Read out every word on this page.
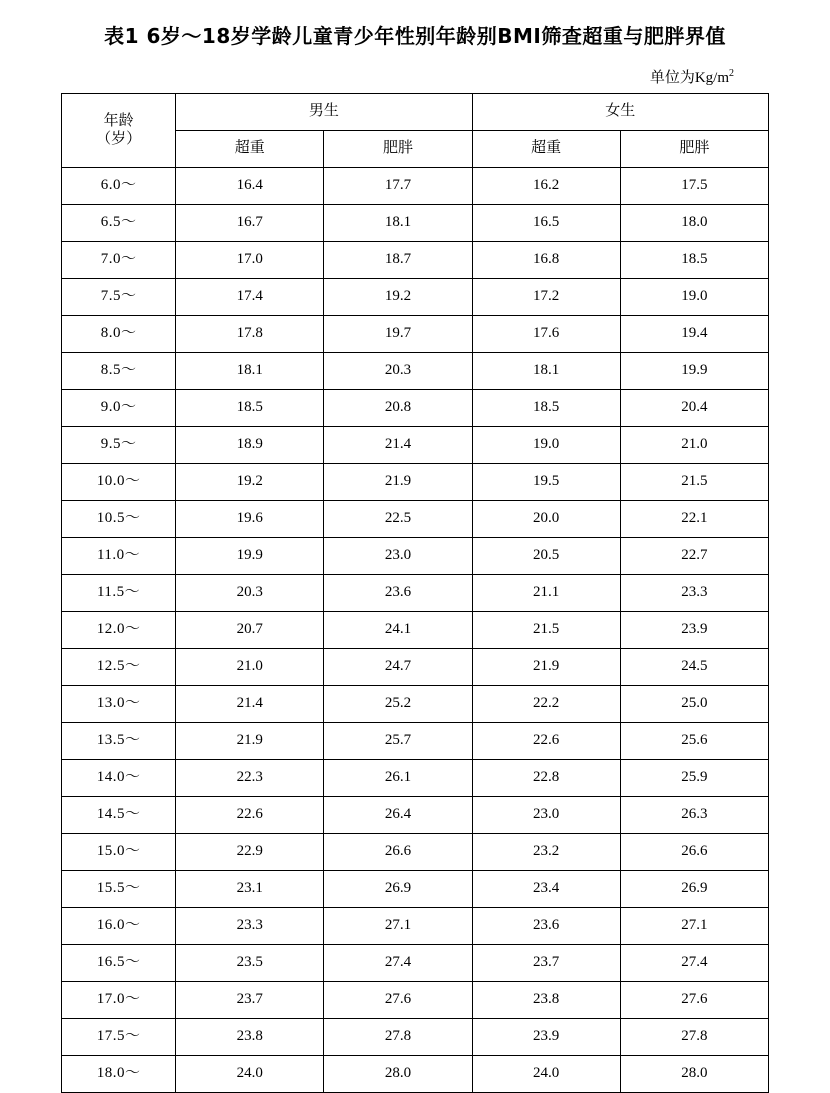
表1 6岁～18岁学龄儿童青少年性别年龄别BMI筛查超重与肥胖界值
单位为$Kg/m^2$
年龄
（岁）	男生		女生	
	超重	肥胖	超重	肥胖
6.0～	16.4	17.7	16.2	17.5
6.5～	16.7	18.1	16.5	18.0
7.0～	17.0	18.7	16.8	18.5
7.5～	17.4	19.2	17.2	19.0
8.0～	17.8	19.7	17.6	19.4
8.5～	18.1	20.3	18.1	19.9
9.0～	18.5	20.8	18.5	20.4
9.5～	18.9	21.4	19.0	21.0
10.0～	19.2	21.9	19.5	21.5
10.5～	19.6	22.5	20.0	22.1
11.0～	19.9	23.0	20.5	22.7
11.5～	20.3	23.6	21.1	23.3
12.0～	20.7	24.1	21.5	23.9
12.5～	21.0	24.7	21.9	24.5
13.0～	21.4	25.2	22.2	25.0
13.5～	21.9	25.7	22.6	25.6
14.0～	22.3	26.1	22.8	25.9
14.5～	22.6	26.4	23.0	26.3
15.0～	22.9	26.6	23.2	26.6
15.5～	23.1	26.9	23.4	26.9
16.0～	23.3	27.1	23.6	27.1
16.5～	23.5	27.4	23.7	27.4
17.0～	23.7	27.6	23.8	27.6
17.5～	23.8	27.8	23.9	27.8
18.0～	24.0	28.0	24.0	28.0
